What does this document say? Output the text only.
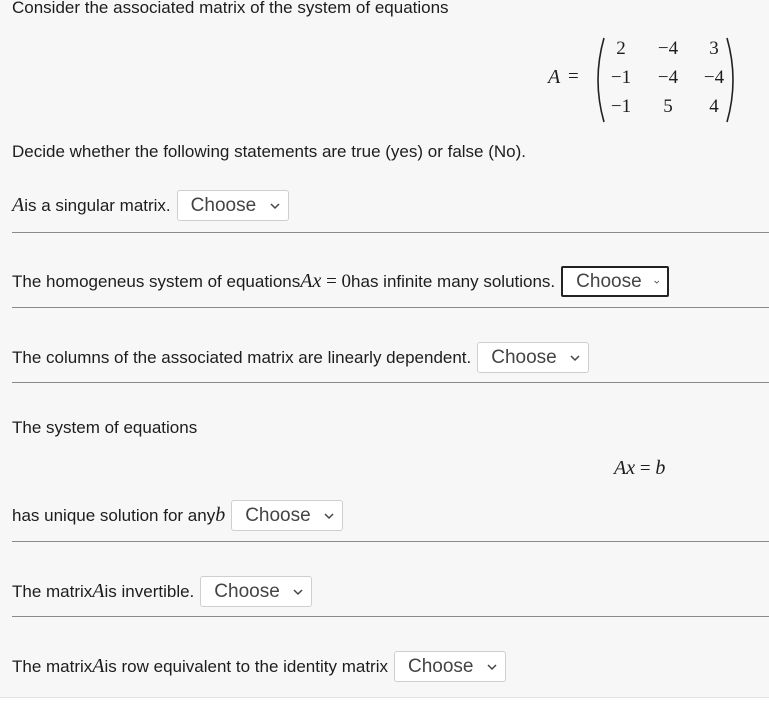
Consider the associated matrix of the system of equations
A =
2	−4	3
−1	−4	−4
−1	5	4
Decide whether the following statements are true (yes) or false (No).
A is a singular matrix. Choose
The homogeneus system of equations Ax = 0 has infinite many solutions. Choose
The columns of the associated matrix are linearly dependent. Choose
The system of equations
Ax = b
has unique solution for any b Choose
The matrix A is invertible. Choose
The matrix A is row equivalent to the identity matrix Choose
